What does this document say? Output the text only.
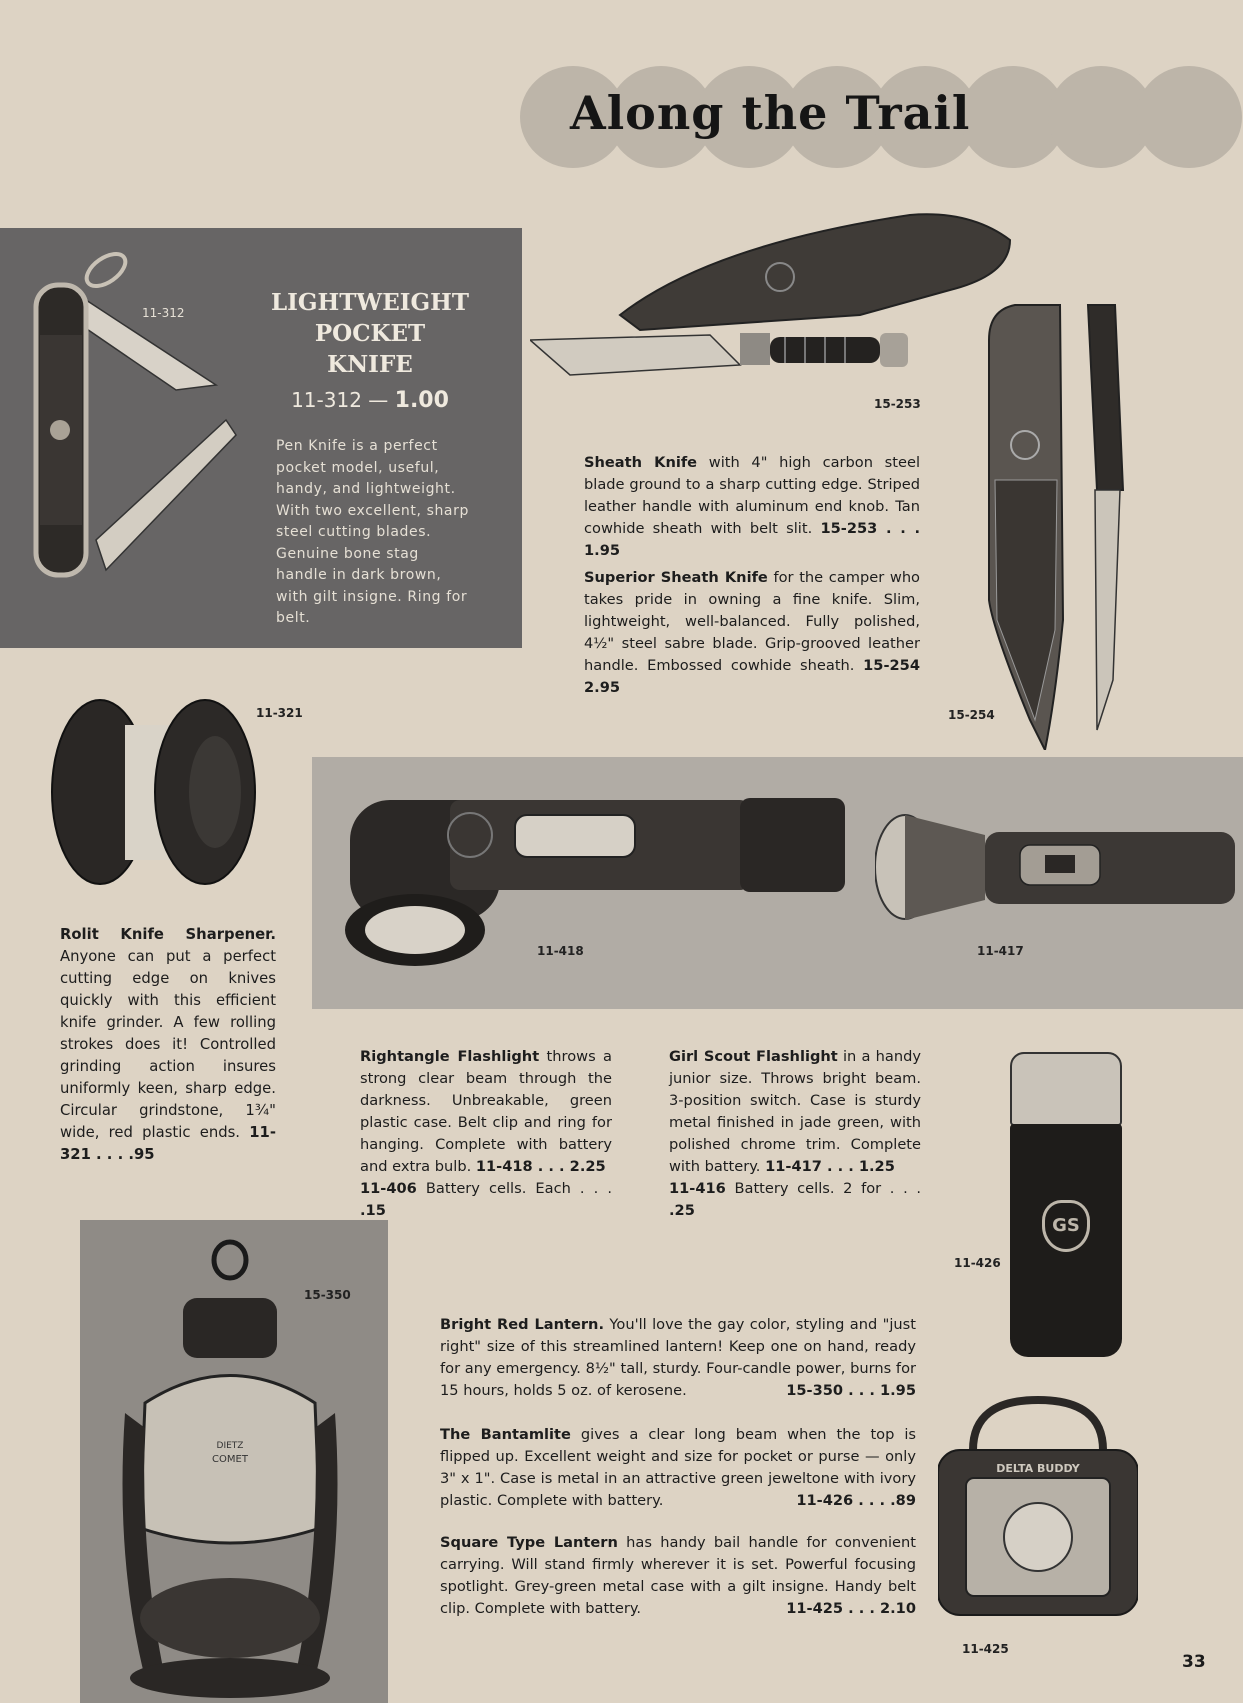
Along the Trail
11-312	LIGHTWEIGHT
POCKET
KNIFE
11-312 — 1.00
Pen Knife is a perfect pocket model, useful, handy, and lightweight. With two excellent, sharp steel cutting blades. Genuine bone stag handle in dark brown, with gilt insigne. Ring for belt.
15-253
15-254
Sheath Knife with 4" high carbon steel blade ground to a sharp cutting edge. Striped leather handle with aluminum end knob. Tan cowhide sheath with belt slit. 15-253 . . . 1.95
Superior Sheath Knife for the camper who takes pride in owning a fine knife. Slim, lightweight, well-balanced. Fully polished, 4½" steel sabre blade. Grip-grooved leather handle. Embossed cowhide sheath. 15-254 2.95
11-321
Rolit Knife Sharpener. Anyone can put a perfect cutting edge on knives quickly with this efficient knife grinder. A few rolling strokes does it! Controlled grinding action insures uniformly keen, sharp edge. Circular grindstone, 1¾" wide, red plastic ends. 11-321 . . . .95
11-418	11-417
Rightangle Flashlight throws a strong clear beam through the darkness. Unbreakable, green plastic case. Belt clip and ring for hanging. Complete with battery and extra bulb. 11-418 . . . 2.25
11-406 Battery cells. Each . . . .15
Girl Scout Flashlight in a handy junior size. Throws bright beam. 3-position switch. Case is sturdy metal finished in jade green, with polished chrome trim. Complete with battery. 11-417 . . . 1.25
11-416 Battery cells. 2 for . . . .25
GS
11-426
DIETZ
COMET
15-350
Bright Red Lantern. You'll love the gay color, styling and "just right" size of this streamlined lantern! Keep one on hand, ready for any emergency. 8½" tall, sturdy. Four-candle power, burns for 15 hours, holds 5 oz. of kerosene.	15-350 . . . 1.95
The Bantamlite gives a clear long beam when the top is flipped up. Excellent weight and size for pocket or purse — only 3" x 1". Case is metal in an attractive green jeweltone with ivory plastic. Complete with battery.	11-426 . . . .89
Square Type Lantern has handy bail handle for convenient carrying. Will stand firmly wherever it is set. Powerful focusing spotlight. Grey-green metal case with a gilt insigne. Handy belt clip. Complete with battery.	11-425 . . . 2.10
DELTA BUDDY
11-425
33
